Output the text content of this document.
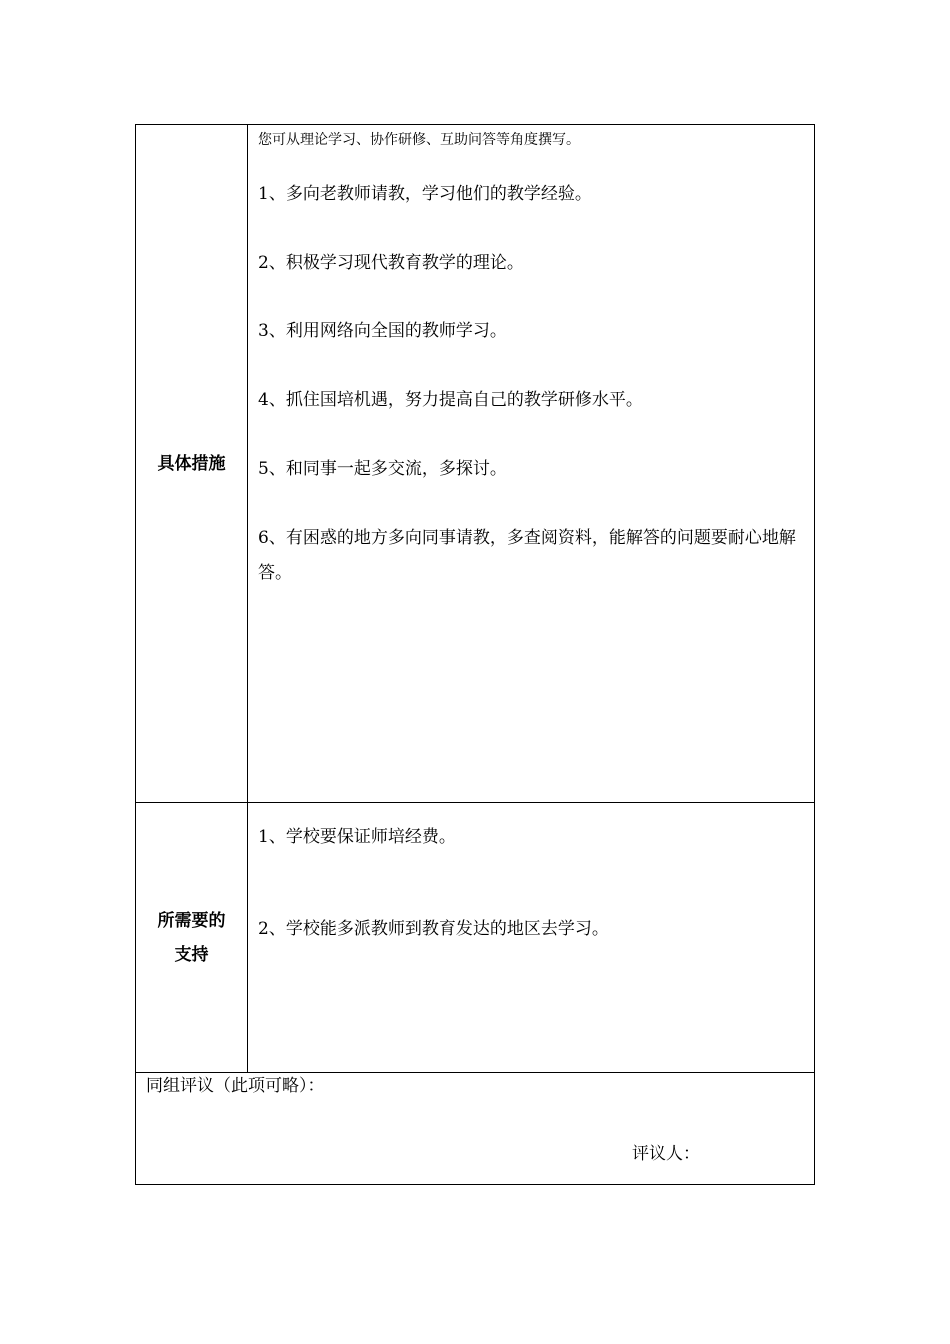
具体措施
您可从理论学习、协作研修、互助问答等角度撰写。
1、多向老教师请教，学习他们的教学经验。
2、积极学习现代教育教学的理论。
3、利用网络向全国的教师学习。
4、抓住国培机遇，努力提高自己的教学研修水平。
5、和同事一起多交流，多探讨。
6、有困惑的地方多向同事请教，多查阅资料，能解答的问题要耐心地解答。
所需要的
支持
1、学校要保证师培经费。
2、学校能多派教师到教育发达的地区去学习。
同组评议（此项可略）：
评议人：
